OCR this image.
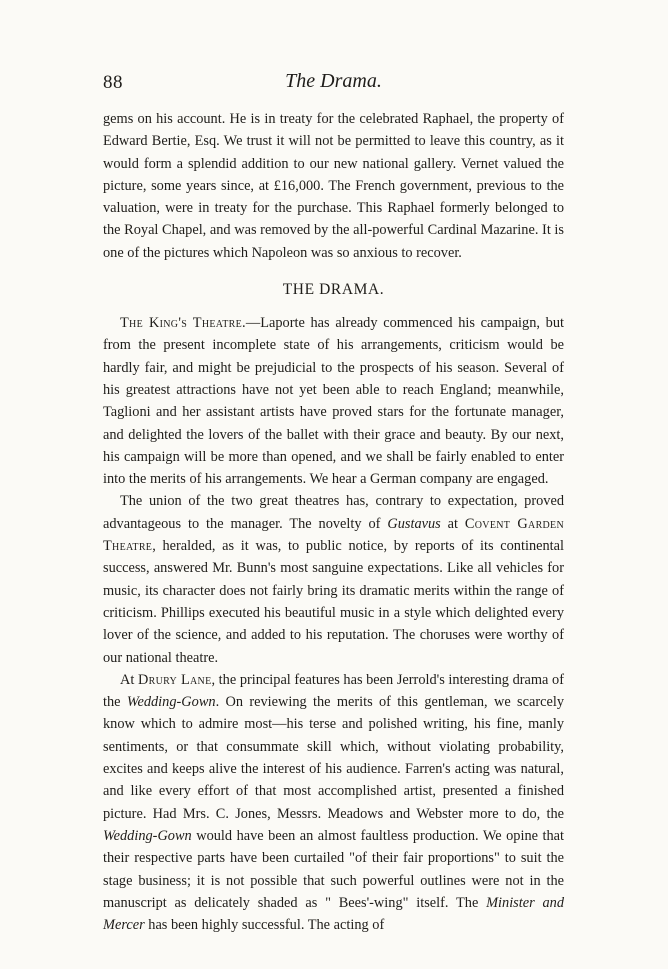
88	The Drama.

gems on his account. He is in treaty for the celebrated Raphael, the property of Edward Bertie, Esq. We trust it will not be permitted to leave this country, as it would form a splendid addition to our new national gallery. Vernet valued the picture, some years since, at £16,000. The French government, previous to the valuation, were in treaty for the purchase. This Raphael formerly belonged to the Royal Chapel, and was removed by the all-powerful Cardinal Mazarine. It is one of the pictures which Napoleon was so anxious to recover.

THE DRAMA.

The King's Theatre.—Laporte has already commenced his campaign, but from the present incomplete state of his arrangements, criticism would be hardly fair, and might be prejudicial to the prospects of his season. Several of his greatest attractions have not yet been able to reach England; meanwhile, Taglioni and her assistant artists have proved stars for the fortunate manager, and delighted the lovers of the ballet with their grace and beauty. By our next, his campaign will be more than opened, and we shall be fairly enabled to enter into the merits of his arrangements. We hear a German company are engaged.

The union of the two great theatres has, contrary to expectation, proved advantageous to the manager. The novelty of Gustavus at Covent Garden Theatre, heralded, as it was, to public notice, by reports of its continental success, answered Mr. Bunn's most sanguine expectations. Like all vehicles for music, its character does not fairly bring its dramatic merits within the range of criticism. Phillips executed his beautiful music in a style which delighted every lover of the science, and added to his reputation. The choruses were worthy of our national theatre.

At Drury Lane, the principal features has been Jerrold's interesting drama of the Wedding-Gown. On reviewing the merits of this gentleman, we scarcely know which to admire most—his terse and polished writing, his fine, manly sentiments, or that consummate skill which, without violating probability, excites and keeps alive the interest of his audience. Farren's acting was natural, and like every effort of that most accomplished artist, presented a finished picture. Had Mrs. C. Jones, Messrs. Meadows and Webster more to do, the Wedding-Gown would have been an almost faultless production. We opine that their respective parts have been curtailed "of their fair proportions" to suit the stage business; it is not possible that such powerful outlines were not in the manuscript as delicately shaded as " Bees'-wing" itself. The Minister and Mercer has been highly successful. The acting of
